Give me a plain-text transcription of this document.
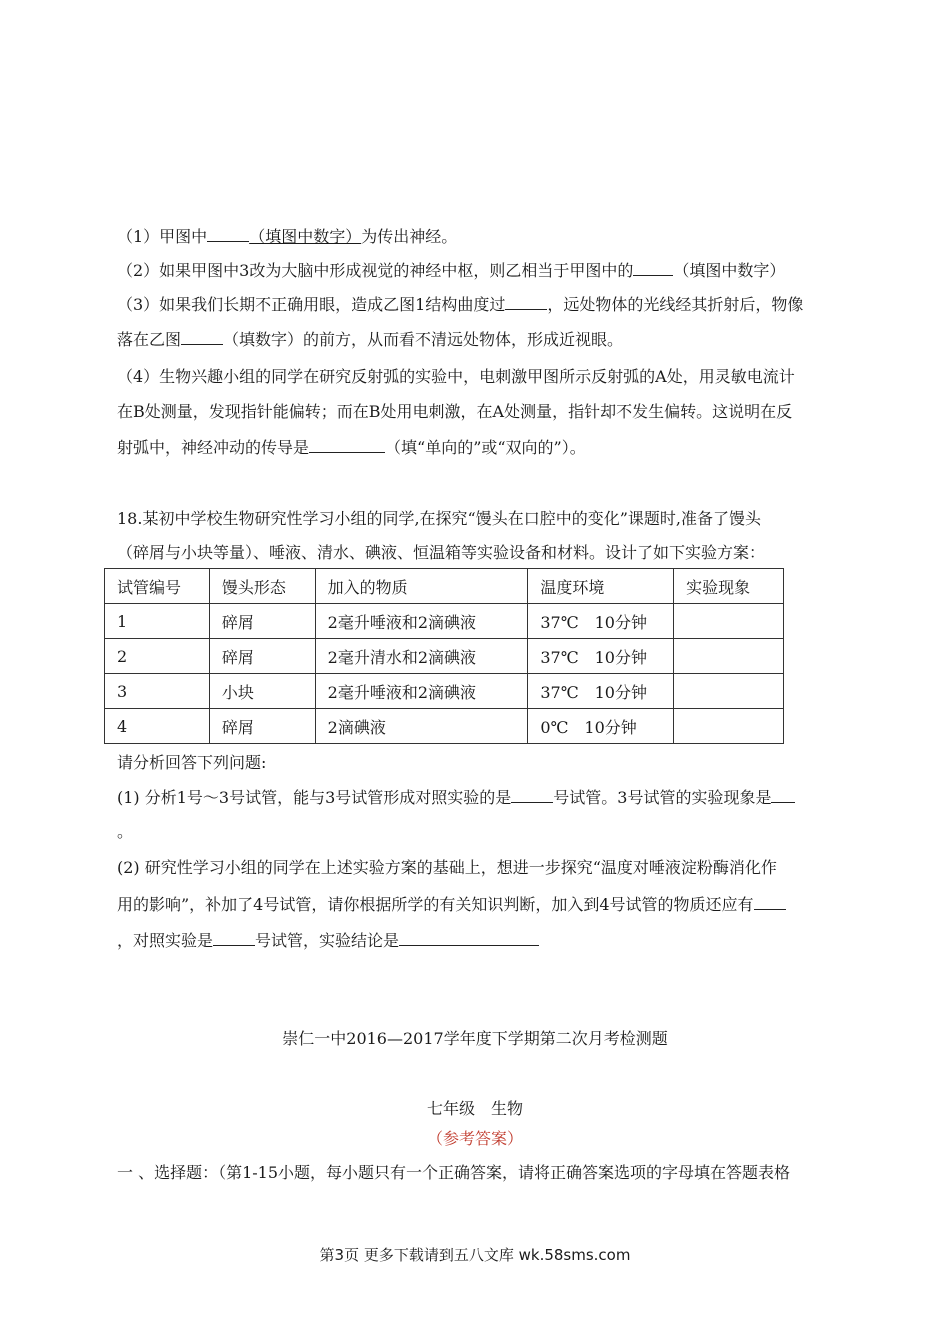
（1）甲图中	（填图中数字）为传出神经。
（2）如果甲图中3改为大脑中形成视觉的神经中枢，则乙相当于甲图中的	（填图中数字）
（3）如果我们长期不正确用眼，造成乙图1结构曲度过	，远处物体的光线经其折射后，物像
落在乙图	（填数字）的前方，从而看不清远处物体，形成近视眼。
（4）生物兴趣小组的同学在研究反射弧的实验中，电刺激甲图所示反射弧的A处，用灵敏电流计
在B处测量，发现指针能偏转；而在B处用电刺激，在A处测量，指针却不发生偏转。这说明在反
射弧中，神经冲动的传导是	（填“单向的”或“双向的”）。
18.某初中学校生物研究性学习小组的同学,在探究“馒头在口腔中的变化”课题时,准备了馒头
（碎屑与小块等量）、唾液、清水、碘液、恒温箱等实验设备和材料。设计了如下实验方案：
试管编号	馒头形态	加入的物质	温度环境	实验现象
1	碎屑	2毫升唾液和2滴碘液	37℃　10分钟	
2	碎屑	2毫升清水和2滴碘液	37℃　10分钟	
3	小块	2毫升唾液和2滴碘液	37℃　10分钟	
4	碎屑	2滴碘液	0℃　10分钟	
请分析回答下列问题:
(1) 分析1号～3号试管，能与3号试管形成对照实验的是	号试管。3号试管的实验现象是
。
(2) 研究性学习小组的同学在上述实验方案的基础上，想进一步探究“温度对唾液淀粉酶消化作
用的影响”，补加了4号试管，请你根据所学的有关知识判断，加入到4号试管的物质还应有
，对照实验是	号试管，实验结论是
崇仁一中2016—2017学年度下学期第二次月考检测题
七年级　生物
（参考答案）
一 、选择题：（第1-15小题，每小题只有一个正确答案，请将正确答案选项的字母填在答题表格
第3页 更多下载请到五八文库 wk.58sms.com
